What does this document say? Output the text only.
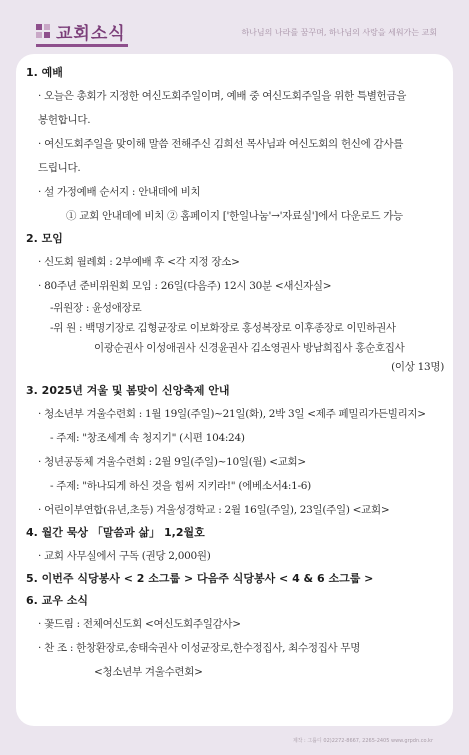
교회소식	하나님의 나라를 꿈꾸며, 하나님의 사랑을 세워가는 교회
1. 예배
· 오늘은 총회가 지정한 여신도회주일이며, 예배 중 여신도회주일을 위한 특별헌금을
봉헌합니다.
· 여신도회주일을 맞이해 말씀 전해주신 김희선 목사님과 여신도회의 헌신에 감사를
드립니다.
· 설 가정예배 순서지 : 안내데에 비치
① 교회 안내데에 비치 ② 홈페이지 ['한일나눔'→'자료실']에서 다운로드 가능
2. 모임
· 신도회 월례회 : 2부예배 후 <각 지정 장소>
· 80주년 준비위원회 모임 : 26일(다음주) 12시 30분 <새신자실>
-위원장 : 윤성애장로
-위 원 : 백명기장로 김형균장로 이보화장로 홍성복장로 이후종장로 이민하권사
이광순권사 이성애권사 신경윤권사 김소영권사 방남희집사 홍순호집사
(이상 13명)
3. 2025년 겨울 및 봄맞이 신앙축제 안내
· 청소년부 겨울수련회 : 1월 19일(주일)~21일(화), 2박 3일 <제주 페밀리가든빌리지>
- 주제: "창조세계 속 청지기" (시편 104:24)
· 청년공동체 겨울수련회 : 2월 9일(주일)~10일(월) <교회>
- 주제: "하나되게 하신 것을 힘써 지키라!" (에베소서4:1-6)
· 어린이부연합(유년,초등) 겨울성경학교 : 2월 16일(주일), 23일(주일) <교회>
4. 월간 묵상 「말씀과 삶」 1,2월호
· 교회 사무실에서 구독 (권당 2,000원)
5. 이번주 식당봉사 < 2 소그룹 > 다음주 식당봉사 < 4 & 6 소그룹 >
6. 교우 소식
· 꽃드림 : 전체여신도회 <여신도회주일감사>
· 찬 조 : 한창환장로,송태숙권사 이성균장로,한수정집사, 최수정집사 무명
<청소년부 겨울수련회>
제작 : 그룹디 02)2272-8667, 2265-2405 www.grpdn.co.kr
